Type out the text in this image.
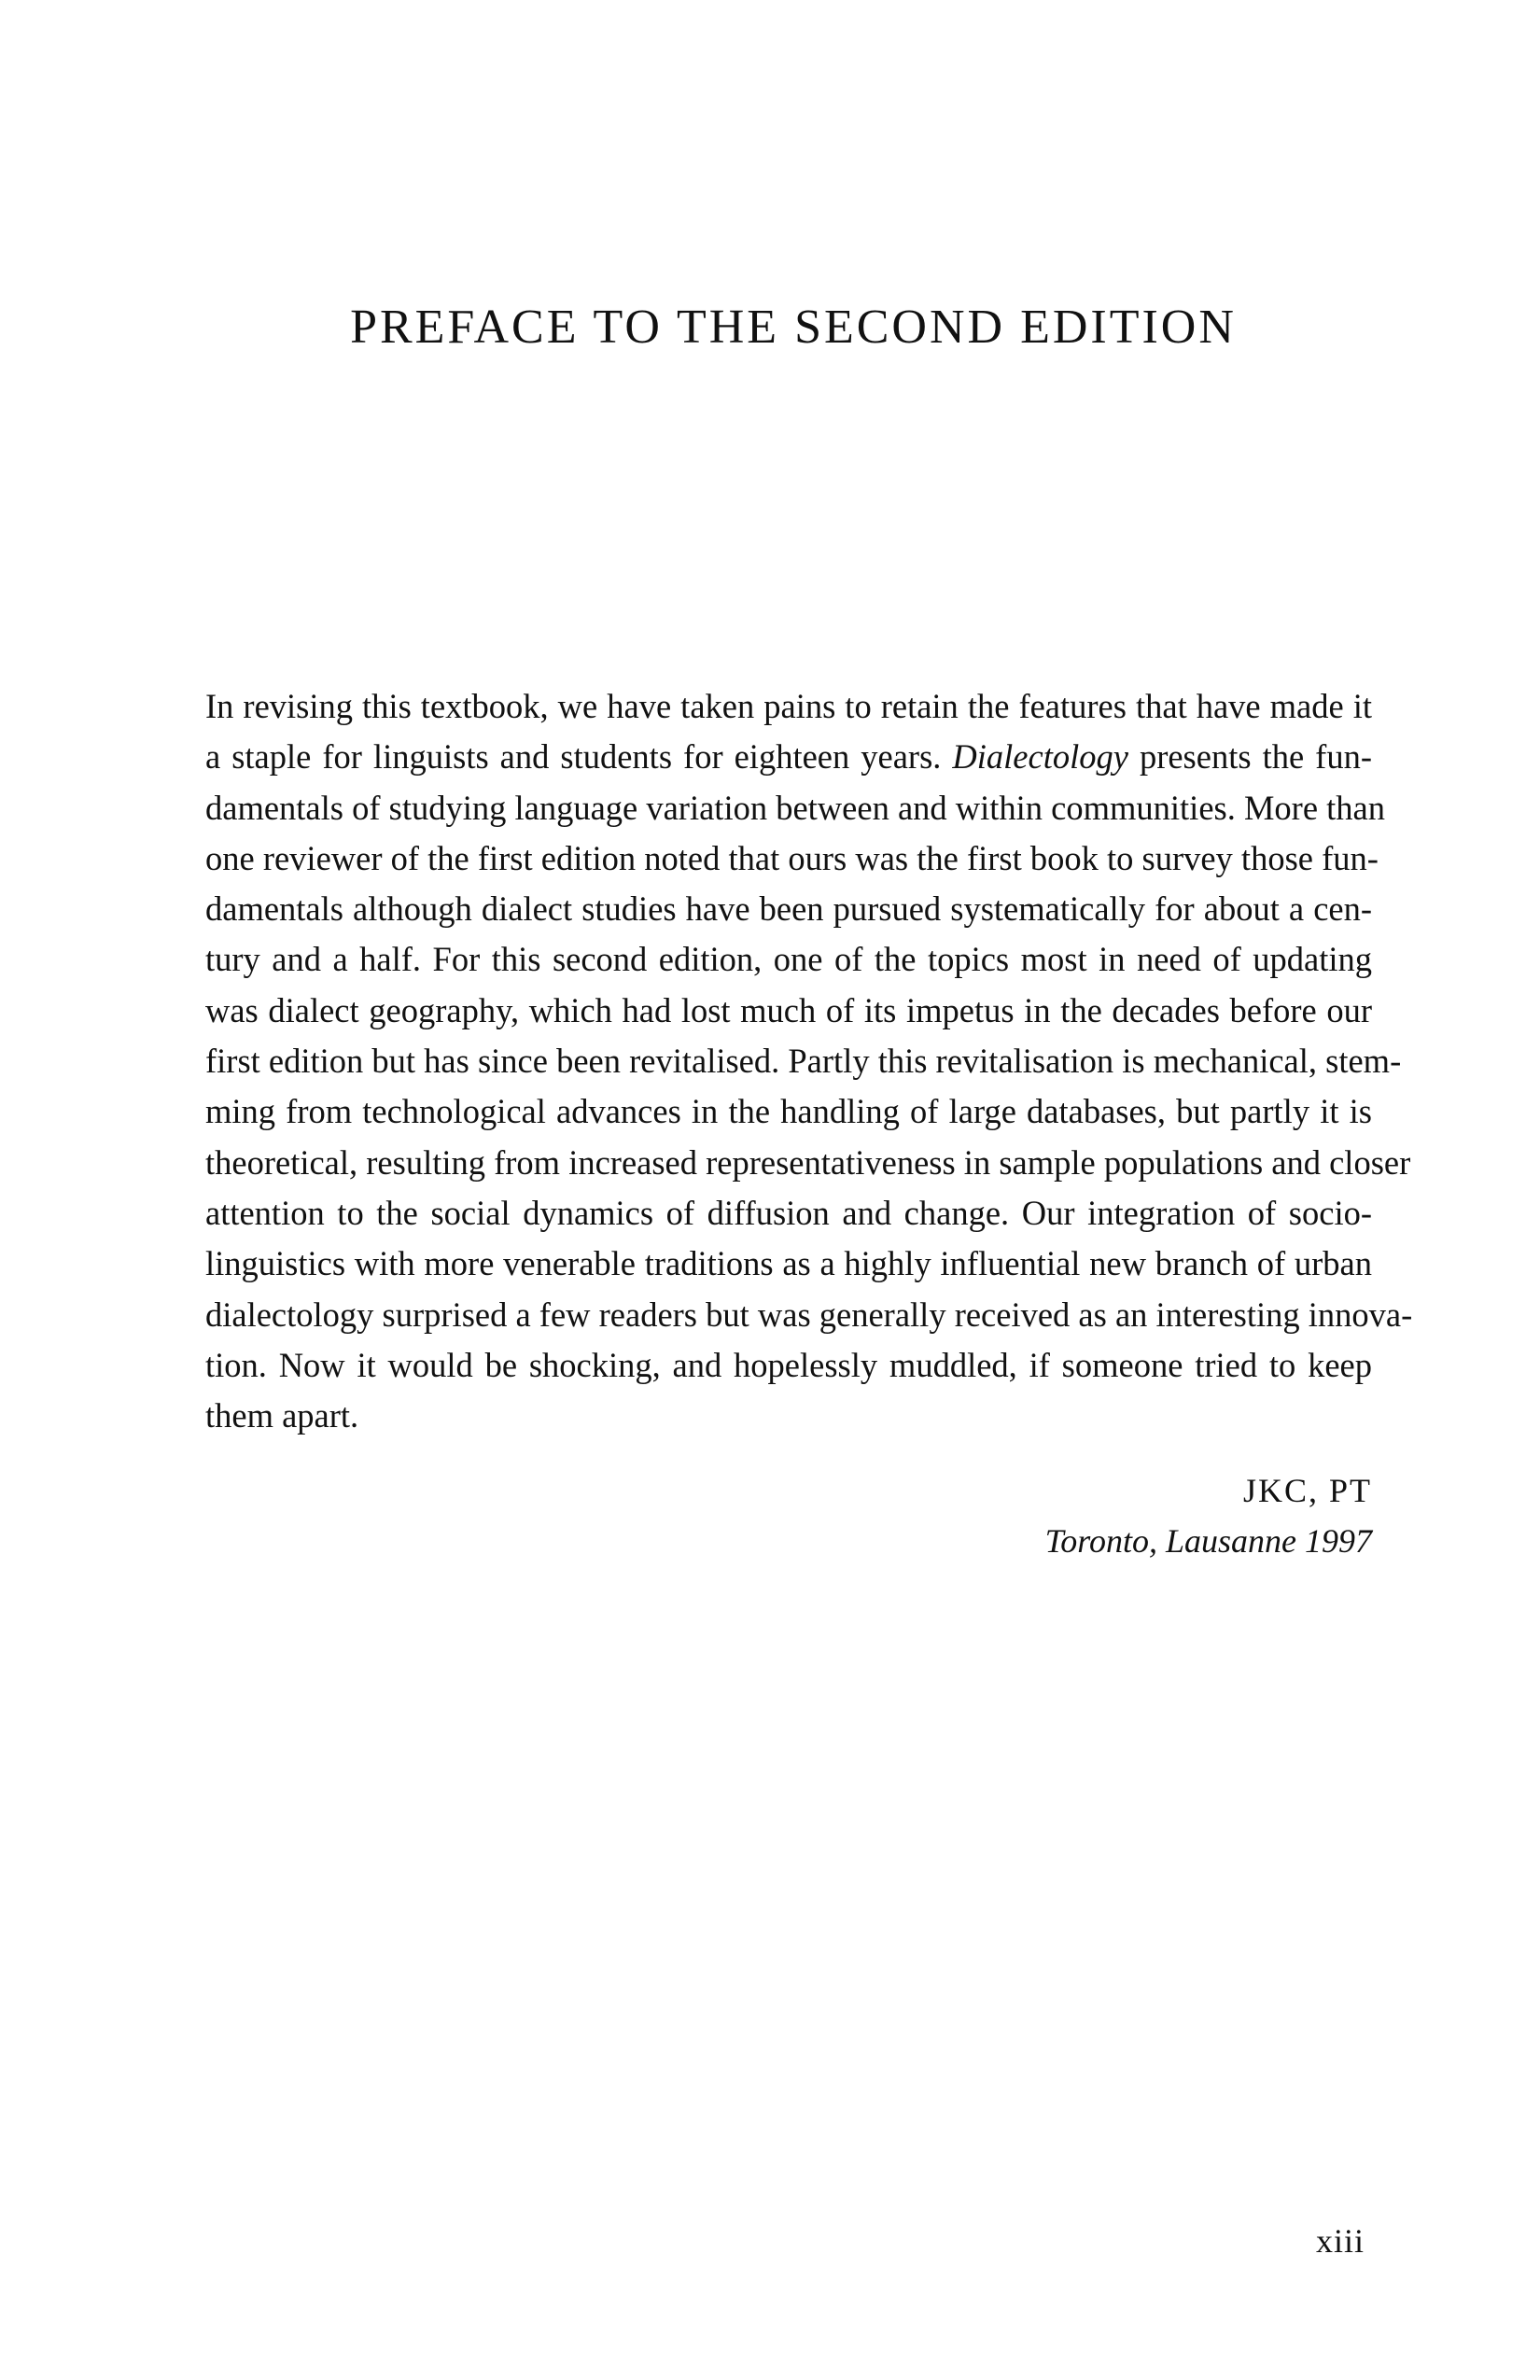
PREFACE TO THE SECOND EDITION
In revising this textbook, we have taken pains to retain the features that have made it
a staple for linguists and students for eighteen years. Dialectology presents the fun-
damentals of studying language variation between and within communities. More than
one reviewer of the first edition noted that ours was the first book to survey those fun-
damentals although dialect studies have been pursued systematically for about a cen-
tury and a half. For this second edition, one of the topics most in need of updating
was dialect geography, which had lost much of its impetus in the decades before our
first edition but has since been revitalised. Partly this revitalisation is mechanical, stem-
ming from technological advances in the handling of large databases, but partly it is
theoretical, resulting from increased representativeness in sample populations and closer
attention to the social dynamics of diffusion and change. Our integration of socio-
linguistics with more venerable traditions as a highly influential new branch of urban
dialectology surprised a few readers but was generally received as an interesting innova-
tion. Now it would be shocking, and hopelessly muddled, if someone tried to keep
them apart.
JKC, PT
Toronto, Lausanne 1997

xiii
